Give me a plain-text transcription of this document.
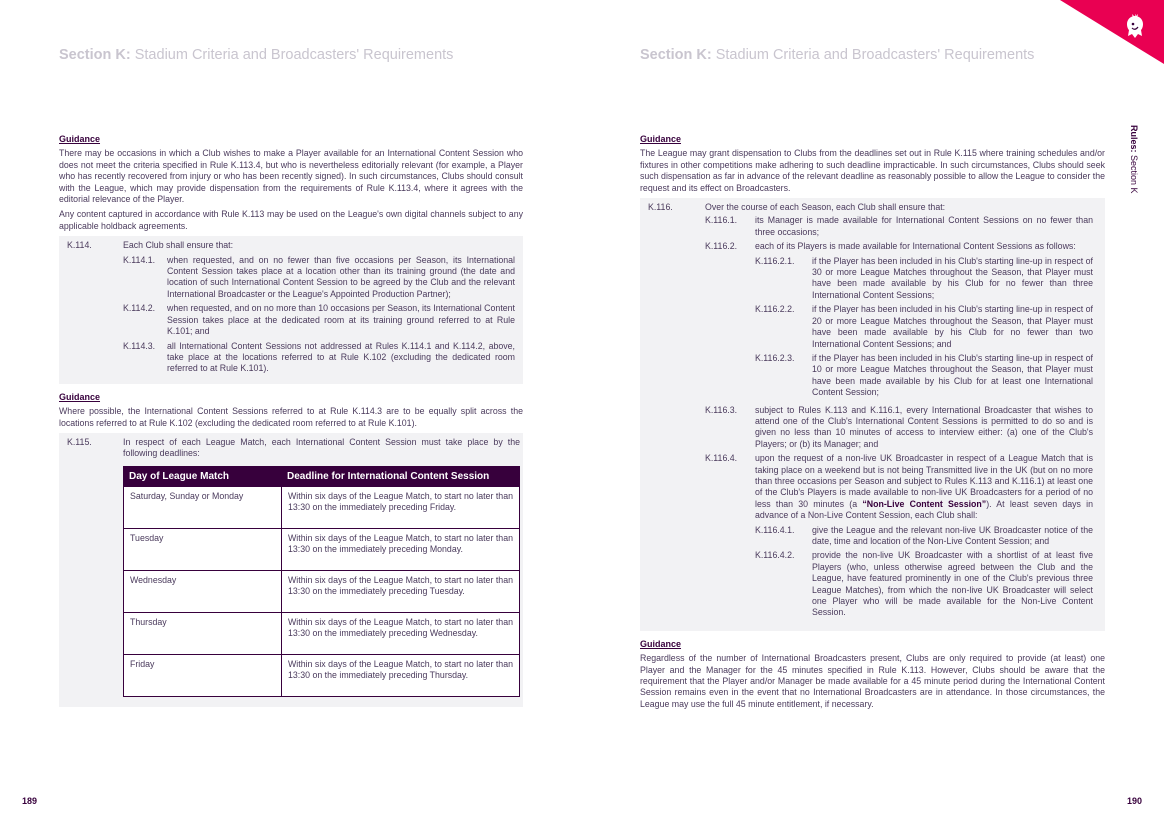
Rules: Section K
Section K: Stadium Criteria and Broadcasters' Requirements
Guidance

There may be occasions in which a Club wishes to make a Player available for an International Content Session who does not meet the criteria specified in Rule K.113.4, but who is nevertheless editorially relevant (for example, a Player who has recently recovered from injury or who has been recently signed). In such circumstances, Clubs should consult with the League, which may provide dispensation from the requirements of Rule K.113.4, where it agrees with the editorial relevance of the Player.

Any content captured in accordance with Rule K.113 may be used on the League's own digital channels subject to any applicable holdback agreements.

K.114.	Each Club shall ensure that:
K.114.1.	when requested, and on no fewer than five occasions per Season, its International Content Session takes place at a location other than its training ground (the date and location of such International Content Session to be agreed by the Club and the relevant International Broadcaster or the League's Appointed Production Partner);
K.114.2.	when requested, and on no more than 10 occasions per Season, its International Content Session takes place at the dedicated room at its training ground referred to at Rule K.101; and
K.114.3.	all International Content Sessions not addressed at Rules K.114.1 and K.114.2, above, take place at the locations referred to at Rule K.102 (excluding the dedicated room referred to at Rule K.101).
Guidance

Where possible, the International Content Sessions referred to at Rule K.114.3 are to be equally split across the locations referred to at Rule K.102 (excluding the dedicated room referred to at Rule K.101).

K.115.	In respect of each League Match, each International Content Session must take place by the following deadlines:
Day of League Match	Deadline for International Content Session
Saturday, Sunday or Monday	Within six days of the League Match, to start no later than 13:30 on the immediately preceding Friday.
Tuesday	Within six days of the League Match, to start no later than 13:30 on the immediately preceding Monday.
Wednesday	Within six days of the League Match, to start no later than 13:30 on the immediately preceding Tuesday.
Thursday	Within six days of the League Match, to start no later than 13:30 on the immediately preceding Wednesday.
Friday	Within six days of the League Match, to start no later than 13:30 on the immediately preceding Thursday.
189
Section K: Stadium Criteria and Broadcasters' Requirements
Guidance

The League may grant dispensation to Clubs from the deadlines set out in Rule K.115 where training schedules and/or fixtures in other competitions make adhering to such deadline impracticable. In such circumstances, Clubs should seek such dispensation as far in advance of the relevant deadline as reasonably possible to allow the League to consider the request and its effect on Broadcasters.

K.116.	Over the course of each Season, each Club shall ensure that:
K.116.1.	its Manager is made available for International Content Sessions on no fewer than three occasions;
K.116.2.	each of its Players is made available for International Content Sessions as follows:
K.116.2.1.	if the Player has been included in his Club's starting line-up in respect of 30 or more League Matches throughout the Season, that Player must have been made available by his Club for no fewer than three International Content Sessions;
K.116.2.2.	if the Player has been included in his Club's starting line-up in respect of 20 or more League Matches throughout the Season, that Player must have been made available by his Club for no fewer than two International Content Sessions; and
K.116.2.3.	if the Player has been included in his Club's starting line-up in respect of 10 or more League Matches throughout the Season, that Player must have been made available by his Club for at least one International Content Session;
K.116.3.	subject to Rules K.113 and K.116.1, every International Broadcaster that wishes to attend one of the Club's International Content Sessions is permitted to do so and is given no less than 10 minutes of access to interview either: (a) one of the Club's Players; or (b) its Manager; and
K.116.4.	upon the request of a non-live UK Broadcaster in respect of a League Match that is taking place on a weekend but is not being Transmitted live in the UK (but on no more than three occasions per Season and subject to Rules K.113 and K.116.1) at least one of the Club's Players is made available to non-live UK Broadcasters for a period of no less than 30 minutes (a “Non-Live Content Session”). At least seven days in advance of a Non-Live Content Session, each Club shall:
K.116.4.1.	give the League and the relevant non-live UK Broadcaster notice of the date, time and location of the Non-Live Content Session; and
K.116.4.2.	provide the non-live UK Broadcaster with a shortlist of at least five Players (who, unless otherwise agreed between the Club and the League, have featured prominently in one of the Club's previous three League Matches), from which the non-live UK Broadcaster will select one Player who will be made available for the Non-Live Content Session.
Guidance

Regardless of the number of International Broadcasters present, Clubs are only required to provide (at least) one Player and the Manager for the 45 minutes specified in Rule K.113. However, Clubs should be aware that the requirement that the Player and/or Manager be made available for a 45 minute period during the International Content Session remains even in the event that no International Broadcasters are in attendance. In those circumstances, the League may use the full 45 minute entitlement, if necessary.

190
